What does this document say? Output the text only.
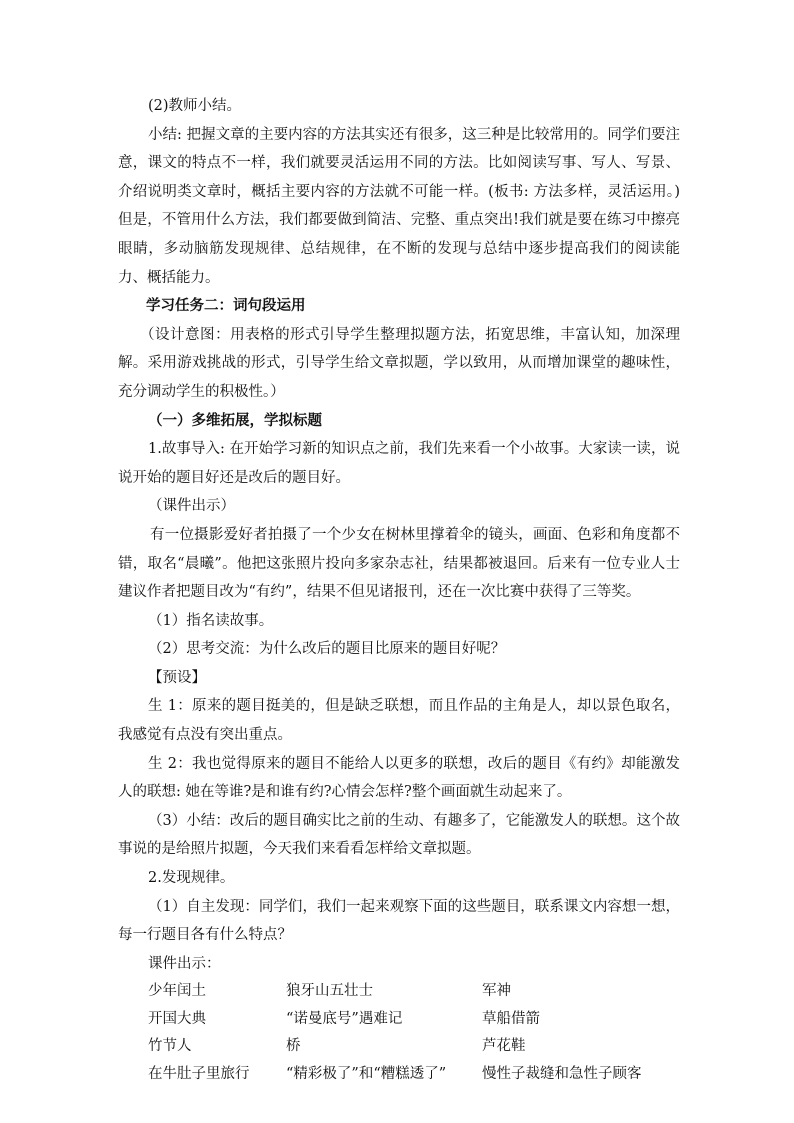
(2)教师小结。

小结: 把握文章的主要内容的方法其实还有很多，这三种是比较常用的。同学们要注意，课文的特点不一样，我们就要灵活运用不同的方法。比如阅读写事、写人、写景、介绍说明类文章时，概括主要内容的方法就不可能一样。(板书: 方法多样，灵活运用。)但是，不管用什么方法，我们都要做到简洁、完整、重点突出!我们就是要在练习中擦亮眼睛，多动脑筋发现规律、总结规律，在不断的发现与总结中逐步提高我们的阅读能力、概括能力。

学习任务二：词句段运用

（设计意图：用表格的形式引导学生整理拟题方法，拓宽思维，丰富认知，加深理解。采用游戏挑战的形式，引导学生给文章拟题，学以致用，从而增加课堂的趣味性，充分调动学生的积极性。）

（一）多维拓展，学拟标题

1.故事导入: 在开始学习新的知识点之前，我们先来看一个小故事。大家读一读，说说开始的题目好还是改后的题目好。

（课件出示）

有一位摄影爱好者拍摄了一个少女在树林里撑着伞的镜头，画面、色彩和角度都不错，取名“晨曦”。他把这张照片投向多家杂志社，结果都被退回。后来有一位专业人士建议作者把题目改为“有约”，结果不但见诸报刊，还在一次比赛中获得了三等奖。

（1）指名读故事。

（2）思考交流：为什么改后的题目比原来的题目好呢？

【预设】

生 1：原来的题目挺美的，但是缺乏联想，而且作品的主角是人，却以景色取名，我感觉有点没有突出重点。

生 2：我也觉得原来的题目不能给人以更多的联想，改后的题目《有约》却能激发人的联想: 她在等谁?是和谁有约?心情会怎样?整个画面就生动起来了。

（3）小结：改后的题目确实比之前的生动、有趣多了，它能激发人的联想。这个故事说的是给照片拟题，今天我们来看看怎样给文章拟题。

2.发现规律。

（1）自主发现：同学们，我们一起来观察下面的这些题目，联系课文内容想一想，每一行题目各有什么特点？

课件出示：

少年闰土	狼牙山五壮士	军神
开国大典	“诺曼底号”遇难记	草船借箭
竹节人	桥	芦花鞋
在牛肚子里旅行	“精彩极了”和“糟糕透了”	慢性子裁缝和急性子顾客
